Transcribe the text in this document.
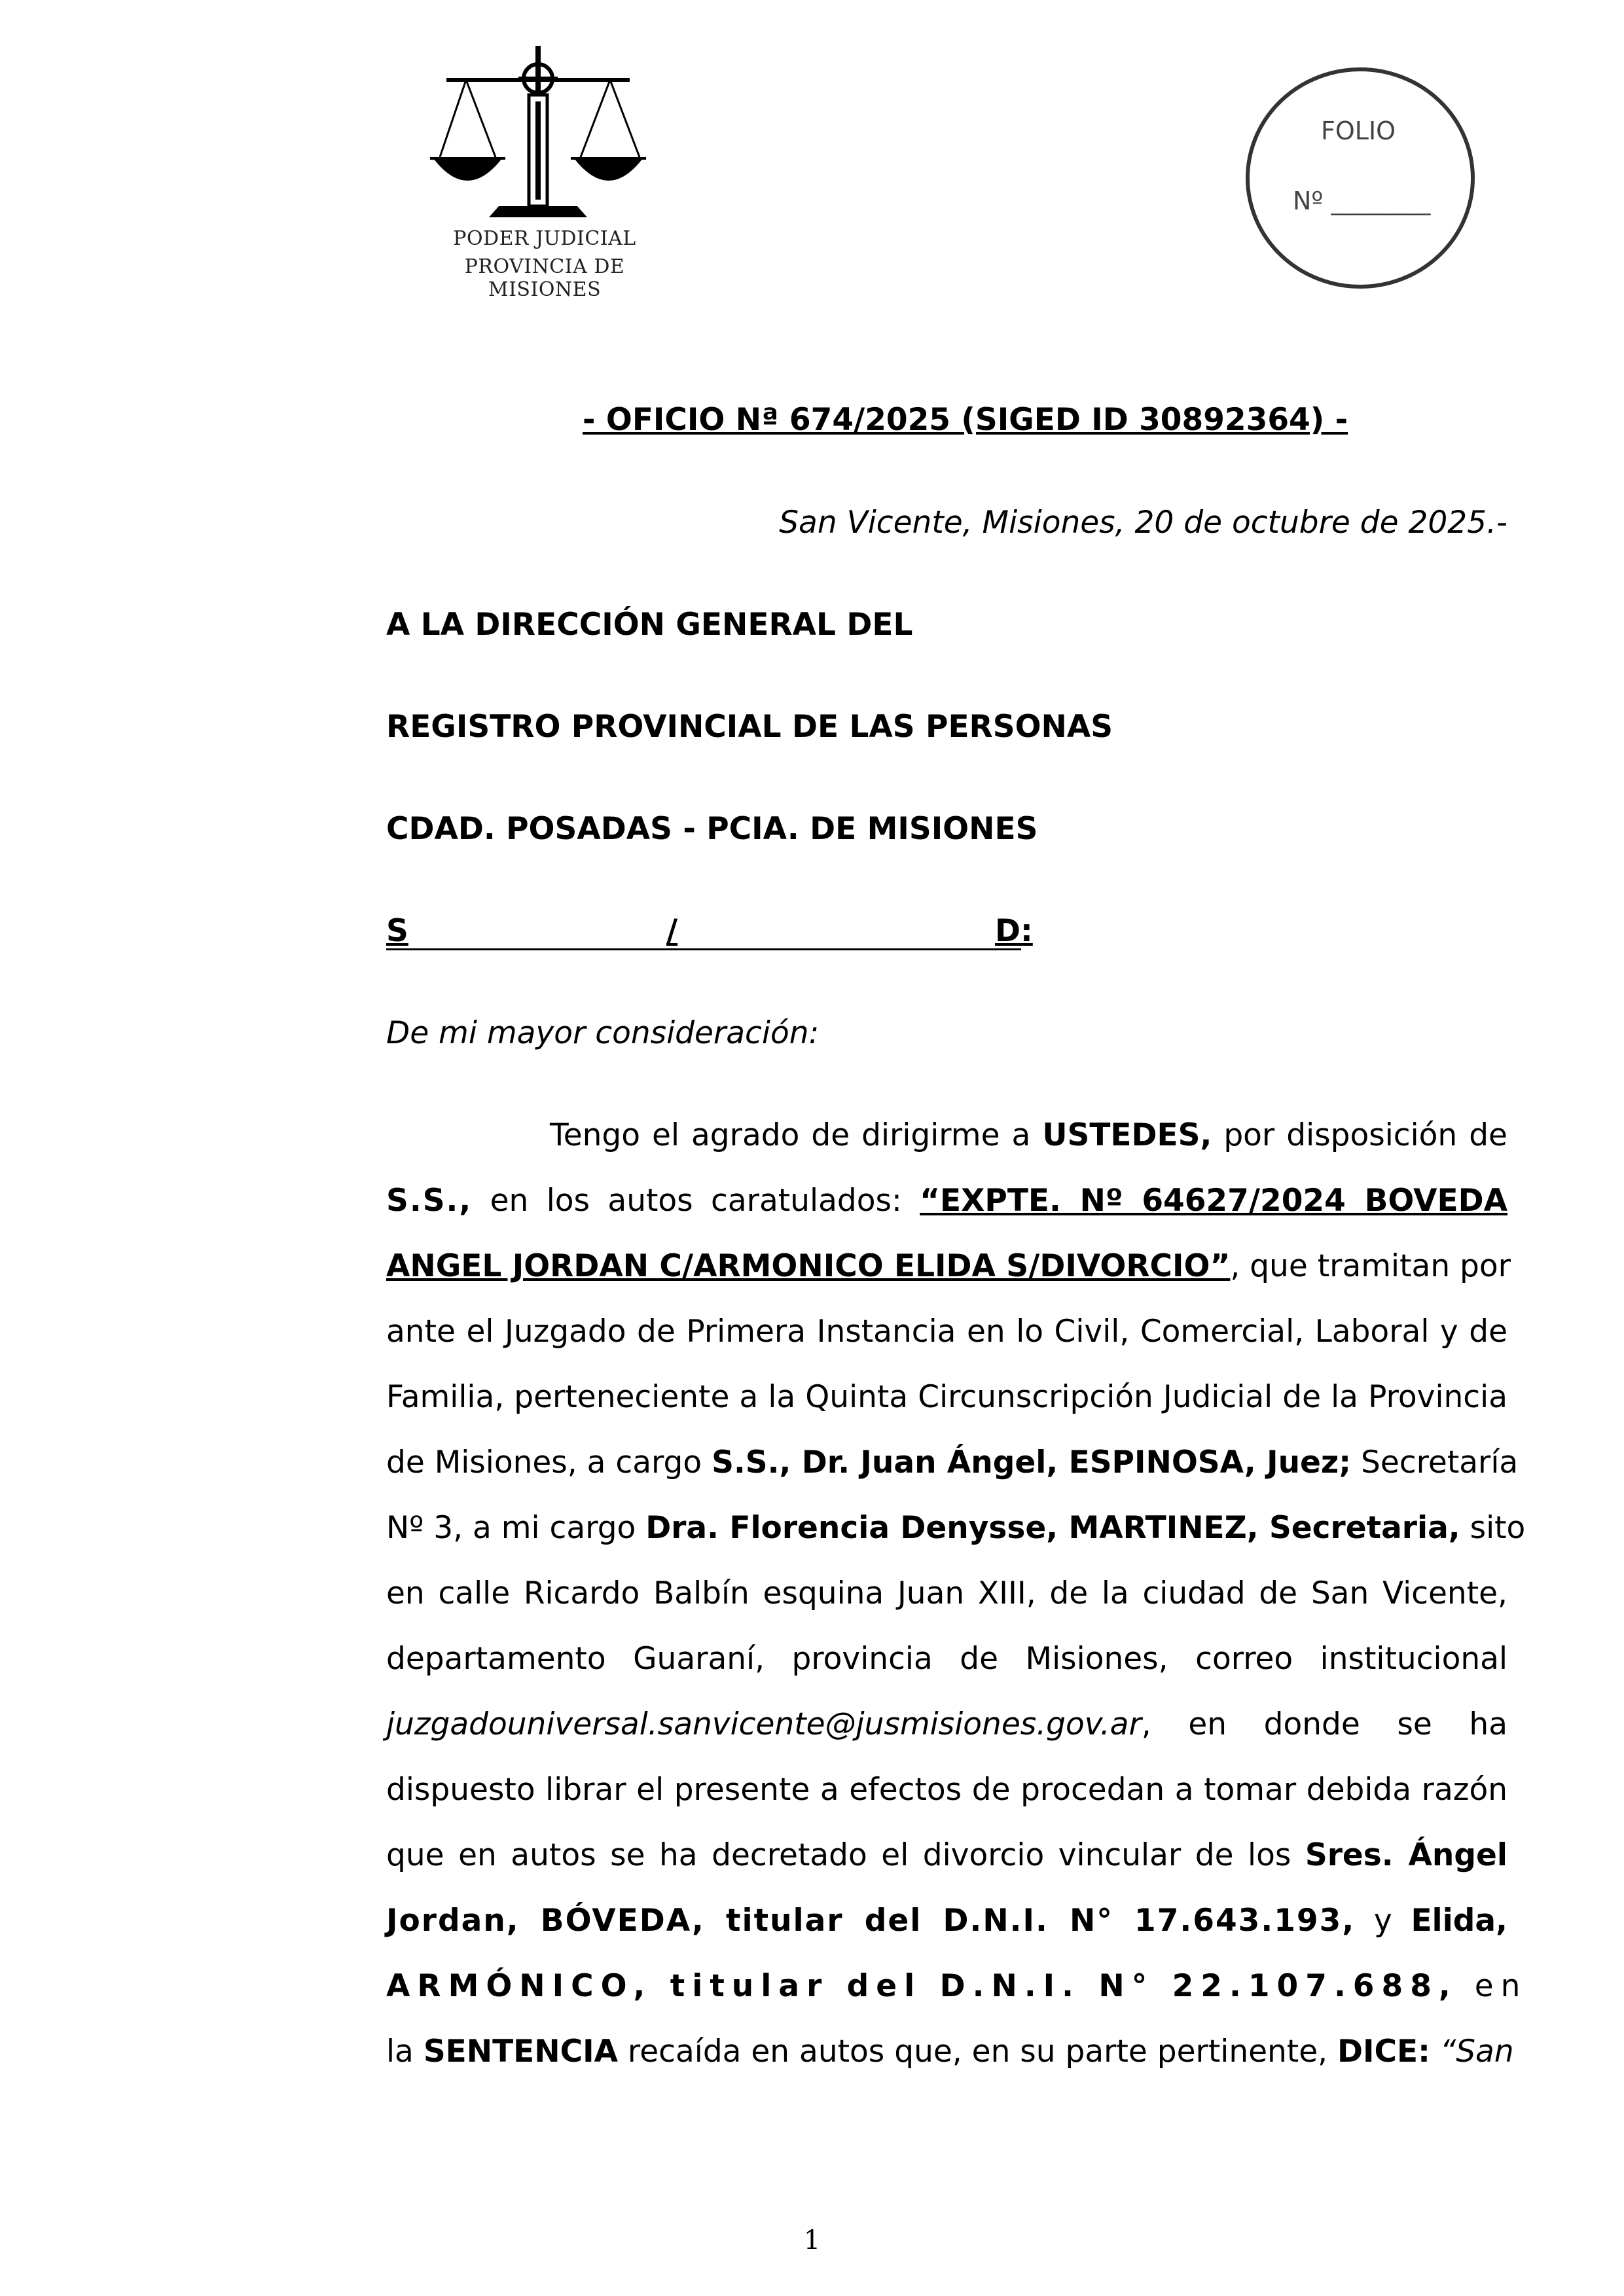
PODER JUDICIAL
PROVINCIA DE MISIONES
FOLIO
Nº ________
- OFICIO Nª 674/2025 (SIGED ID 30892364) -
San Vicente, Misiones, 20 de octubre de 2025.-
A LA DIRECCIÓN GENERAL DEL
REGISTRO PROVINCIAL DE LAS PERSONAS
CDAD. POSADAS - PCIA. DE MISIONES
S	/	D:
De mi mayor consideración:
Tengo el agrado de dirigirme a USTEDES, por disposición de
S.S., en los autos caratulados: “EXPTE. Nº 64627/2024 BOVEDA
ANGEL JORDAN C/ARMONICO ELIDA S/DIVORCIO”, que tramitan por
ante el Juzgado de Primera Instancia en lo Civil, Comercial, Laboral y de
Familia, perteneciente a la Quinta Circunscripción Judicial de la Provincia
de Misiones, a cargo S.S., Dr. Juan Ángel, ESPINOSA, Juez; Secretaría
Nº 3, a mi cargo Dra. Florencia Denysse, MARTINEZ, Secretaria, sito
en calle Ricardo Balbín esquina Juan XIII, de la ciudad de San Vicente,
departamento Guaraní, provincia de Misiones, correo institucional
juzgadouniversal.sanvicente@jusmisiones.gov.ar, en donde se ha
dispuesto librar el presente a efectos de procedan a tomar debida razón
que en autos se ha decretado el divorcio vincular de los Sres. Ángel
Jordan, BÓVEDA, titular del D.N.I. N° 17.643.193, y Elida,
ARMÓNICO, titular del D.N.I. N° 22.107.688, en
la SENTENCIA recaída en autos que, en su parte pertinente, DICE: “San
1
